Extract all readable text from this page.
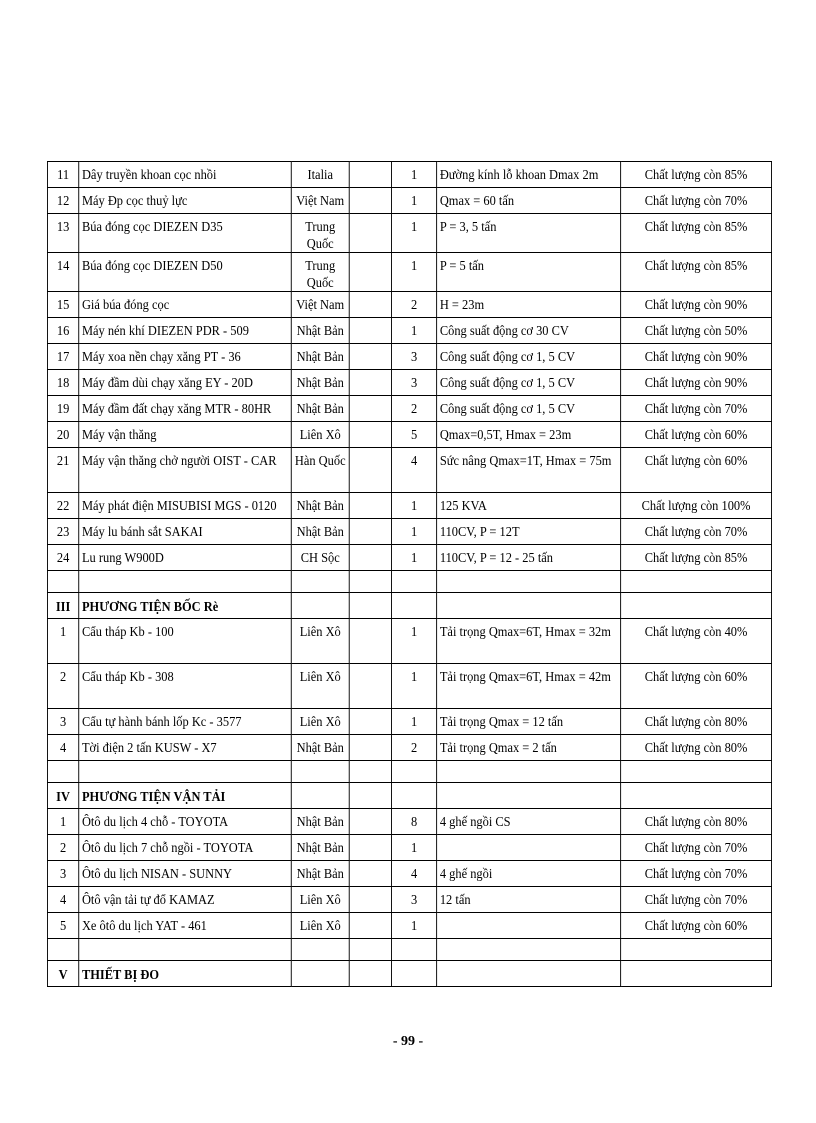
11	Dây truyền khoan cọc nhồi	Italia		1	Đường kính lỗ khoan Dmax 2m	Chất lượng còn 85%
12	Máy Đp cọc thuỷ lực	Việt Nam		1	Qmax = 60 tấn	Chất lượng còn 70%
13	Búa đóng cọc DIEZEN D35	Trung Quốc		1	P = 3, 5 tấn	Chất lượng còn 85%
14	Búa đóng cọc DIEZEN D50	Trung Quốc		1	P = 5 tấn	Chất lượng còn 85%
15	Giá búa đóng cọc	Việt Nam		2	H = 23m	Chất lượng còn 90%
16	Máy nén khí DIEZEN PDR - 509	Nhật Bản		1	Công suất động cơ 30 CV	Chất lượng còn 50%
17	Máy xoa nền chạy xăng PT - 36	Nhật Bản		3	Công suất động cơ 1, 5 CV	Chất lượng còn 90%
18	Máy đầm dùi chạy xăng EY - 20D	Nhật Bản		3	Công suất động cơ 1, 5 CV	Chất lượng còn 90%
19	Máy đầm đất chạy xăng MTR - 80HR	Nhật Bản		2	Công suất động cơ 1, 5 CV	Chất lượng còn 70%
20	Máy vận thăng	Liên Xô		5	Qmax=0,5T, Hmax = 23m	Chất lượng còn 60%
21	Máy vận thăng chở người OIST - CAR	Hàn Quốc		4	Sức nâng Qmax=1T, Hmax = 75m	Chất lượng còn 60%
22	Máy phát điện MISUBISI MGS - 0120	Nhật Bản		1	125 KVA	Chất lượng còn 100%
23	Máy lu bánh sắt SAKAI	Nhật Bản		1	110CV, P = 12T	Chất lượng còn 70%
24	Lu rung W900D	CH Sộc		1	110CV, P = 12 - 25 tấn	Chất lượng còn 85%

III	PHƯƠNG TIỆN BỐC Rè					
1	Cẩu tháp Kb - 100	Liên Xô		1	Tải trọng Qmax=6T, Hmax = 32m	Chất lượng còn 40%
2	Cẩu tháp Kb - 308	Liên Xô		1	Tải trọng Qmax=6T, Hmax = 42m	Chất lượng còn 60%
3	Cẩu tự hành bánh lốp Kc - 3577	Liên Xô		1	Tải trọng Qmax = 12 tấn	Chất lượng còn 80%
4	Tời điện 2 tấn KUSW - X7	Nhật Bản		2	Tải trọng Qmax = 2 tấn	Chất lượng còn 80%

IV	PHƯƠNG TIỆN VẬN TẢI					
1	Ôtô du lịch 4 chỗ - TOYOTA	Nhật Bản		8	4 ghế ngồi CS	Chất lượng còn 80%
2	Ôtô du lịch 7 chỗ ngồi - TOYOTA	Nhật Bản		1		Chất lượng còn 70%
3	Ôtô du lịch NISAN - SUNNY	Nhật Bản		4	4 ghế ngồi	Chất lượng còn 70%
4	Ôtô vận tải tự đổ KAMAZ	Liên Xô		3	12 tấn	Chất lượng còn 70%
5	Xe ôtô du lịch YAT - 461	Liên Xô		1		Chất lượng còn 60%

V	THIẾT BỊ ĐO					
- 99 -
